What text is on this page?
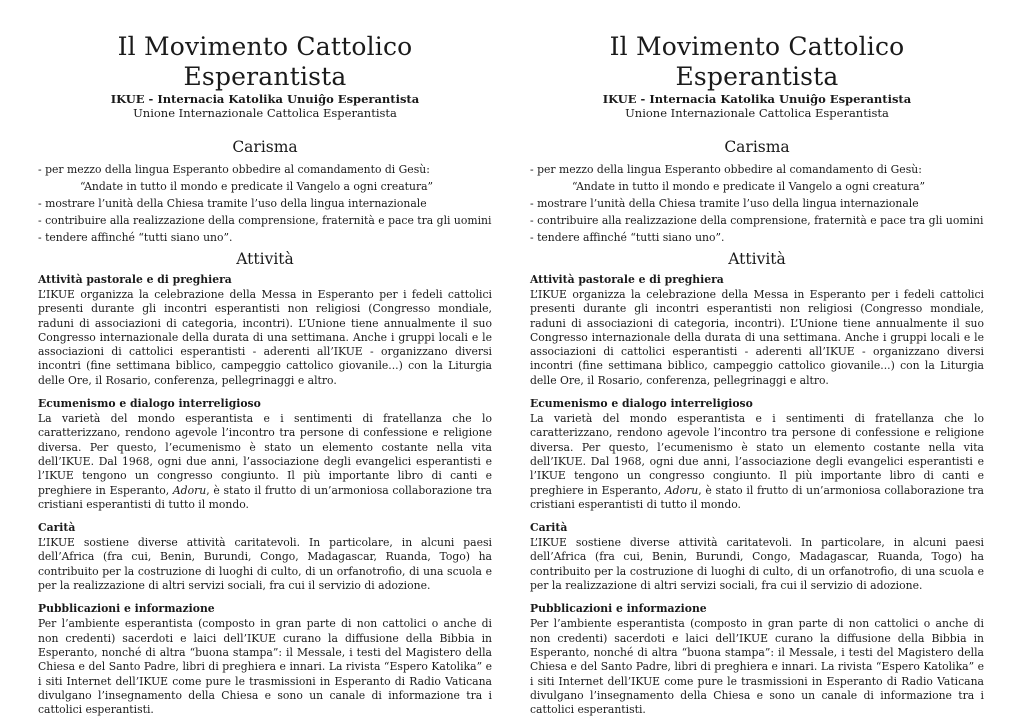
Il Movimento Cattolico Esperantista

IKUE - Internacia Katolika Unuiĝo Esperantista

Unione Internazionale Cattolica Esperantista

Carisma

- per mezzo della lingua Esperanto obbedire al comandamento di Gesù:

“Andate in tutto il mondo e predicate il Vangelo a ogni creatura”

- mostrare l’unità della Chiesa tramite l’uso della lingua internazionale

- contribuire alla realizzazione della comprensione, fraternità e pace tra gli uomini

- tendere affinché “tutti siano uno”.

Attività

Attività pastorale e di preghiera

L’IKUE organizza la celebrazione della Messa in Esperanto per i fedeli cattolici presenti durante gli incontri esperantisti non religiosi (Congresso mondiale, raduni di associazioni di categoria, incontri). L’Unione tiene annualmente il suo Congresso internazionale della durata di una settimana. Anche i gruppi locali e le associazioni di cattolici esperantisti - aderenti all’IKUE - organizzano diversi incontri (fine settimana biblico, campeggio cattolico giovanile...) con la Liturgia delle Ore, il Rosario, conferenza, pellegrinaggi e altro.

Ecumenismo e dialogo interreligioso

La varietà del mondo esperantista e i sentimenti di fratellanza che lo caratterizzano, rendono agevole l’incontro tra persone di confessione e religione diversa. Per questo, l’ecumenismo è stato un elemento costante nella vita dell’IKUE. Dal 1968, ogni due anni, l’associazione degli evangelici esperantisti e l’IKUE tengono un congresso congiunto. Il più importante libro di canti e preghiere in Esperanto, Adoru, è stato il frutto di un’armoniosa collaborazione tra cristiani esperantisti di tutto il mondo.

Carità

L’IKUE sostiene diverse attività caritatevoli. In particolare, in alcuni paesi dell’Africa (fra cui, Benin, Burundi, Congo, Madagascar, Ruanda, Togo) ha contribuito per la costruzione di luoghi di culto, di un orfanotrofio, di una scuola e per la realizzazione di altri servizi sociali, fra cui il servizio di adozione.

Pubblicazioni e informazione

Per l’ambiente esperantista (composto in gran parte di non cattolici o anche di non credenti) sacerdoti e laici dell’IKUE curano la diffusione della Bibbia in Esperanto, nonché di altra “buona stampa”: il Messale, i testi del Magistero della Chiesa e del Santo Padre, libri di preghiera e innari. La rivista “Espero Katolika” e i siti Internet dell’IKUE come pure le trasmissioni in Esperanto di Radio Vaticana divulgano l’insegnamento della Chiesa e sono un canale di informazione tra i cattolici esperantisti.

Il Movimento Cattolico Esperantista

IKUE - Internacia Katolika Unuiĝo Esperantista

Unione Internazionale Cattolica Esperantista

Carisma

- per mezzo della lingua Esperanto obbedire al comandamento di Gesù:

“Andate in tutto il mondo e predicate il Vangelo a ogni creatura”

- mostrare l’unità della Chiesa tramite l’uso della lingua internazionale

- contribuire alla realizzazione della comprensione, fraternità e pace tra gli uomini

- tendere affinché “tutti siano uno”.

Attività

Attività pastorale e di preghiera

L’IKUE organizza la celebrazione della Messa in Esperanto per i fedeli cattolici presenti durante gli incontri esperantisti non religiosi (Congresso mondiale, raduni di associazioni di categoria, incontri). L’Unione tiene annualmente il suo Congresso internazionale della durata di una settimana. Anche i gruppi locali e le associazioni di cattolici esperantisti - aderenti all’IKUE - organizzano diversi incontri (fine settimana biblico, campeggio cattolico giovanile...) con la Liturgia delle Ore, il Rosario, conferenza, pellegrinaggi e altro.

Ecumenismo e dialogo interreligioso

La varietà del mondo esperantista e i sentimenti di fratellanza che lo caratterizzano, rendono agevole l’incontro tra persone di confessione e religione diversa. Per questo, l’ecumenismo è stato un elemento costante nella vita dell’IKUE. Dal 1968, ogni due anni, l’associazione degli evangelici esperantisti e l’IKUE tengono un congresso congiunto. Il più importante libro di canti e preghiere in Esperanto, Adoru, è stato il frutto di un’armoniosa collaborazione tra cristiani esperantisti di tutto il mondo.

Carità

L’IKUE sostiene diverse attività caritatevoli. In particolare, in alcuni paesi dell’Africa (fra cui, Benin, Burundi, Congo, Madagascar, Ruanda, Togo) ha contribuito per la costruzione di luoghi di culto, di un orfanotrofio, di una scuola e per la realizzazione di altri servizi sociali, fra cui il servizio di adozione.

Pubblicazioni e informazione

Per l’ambiente esperantista (composto in gran parte di non cattolici o anche di non credenti) sacerdoti e laici dell’IKUE curano la diffusione della Bibbia in Esperanto, nonché di altra “buona stampa”: il Messale, i testi del Magistero della Chiesa e del Santo Padre, libri di preghiera e innari. La rivista “Espero Katolika” e i siti Internet dell’IKUE come pure le trasmissioni in Esperanto di Radio Vaticana divulgano l’insegnamento della Chiesa e sono un canale di informazione tra i cattolici esperantisti.
